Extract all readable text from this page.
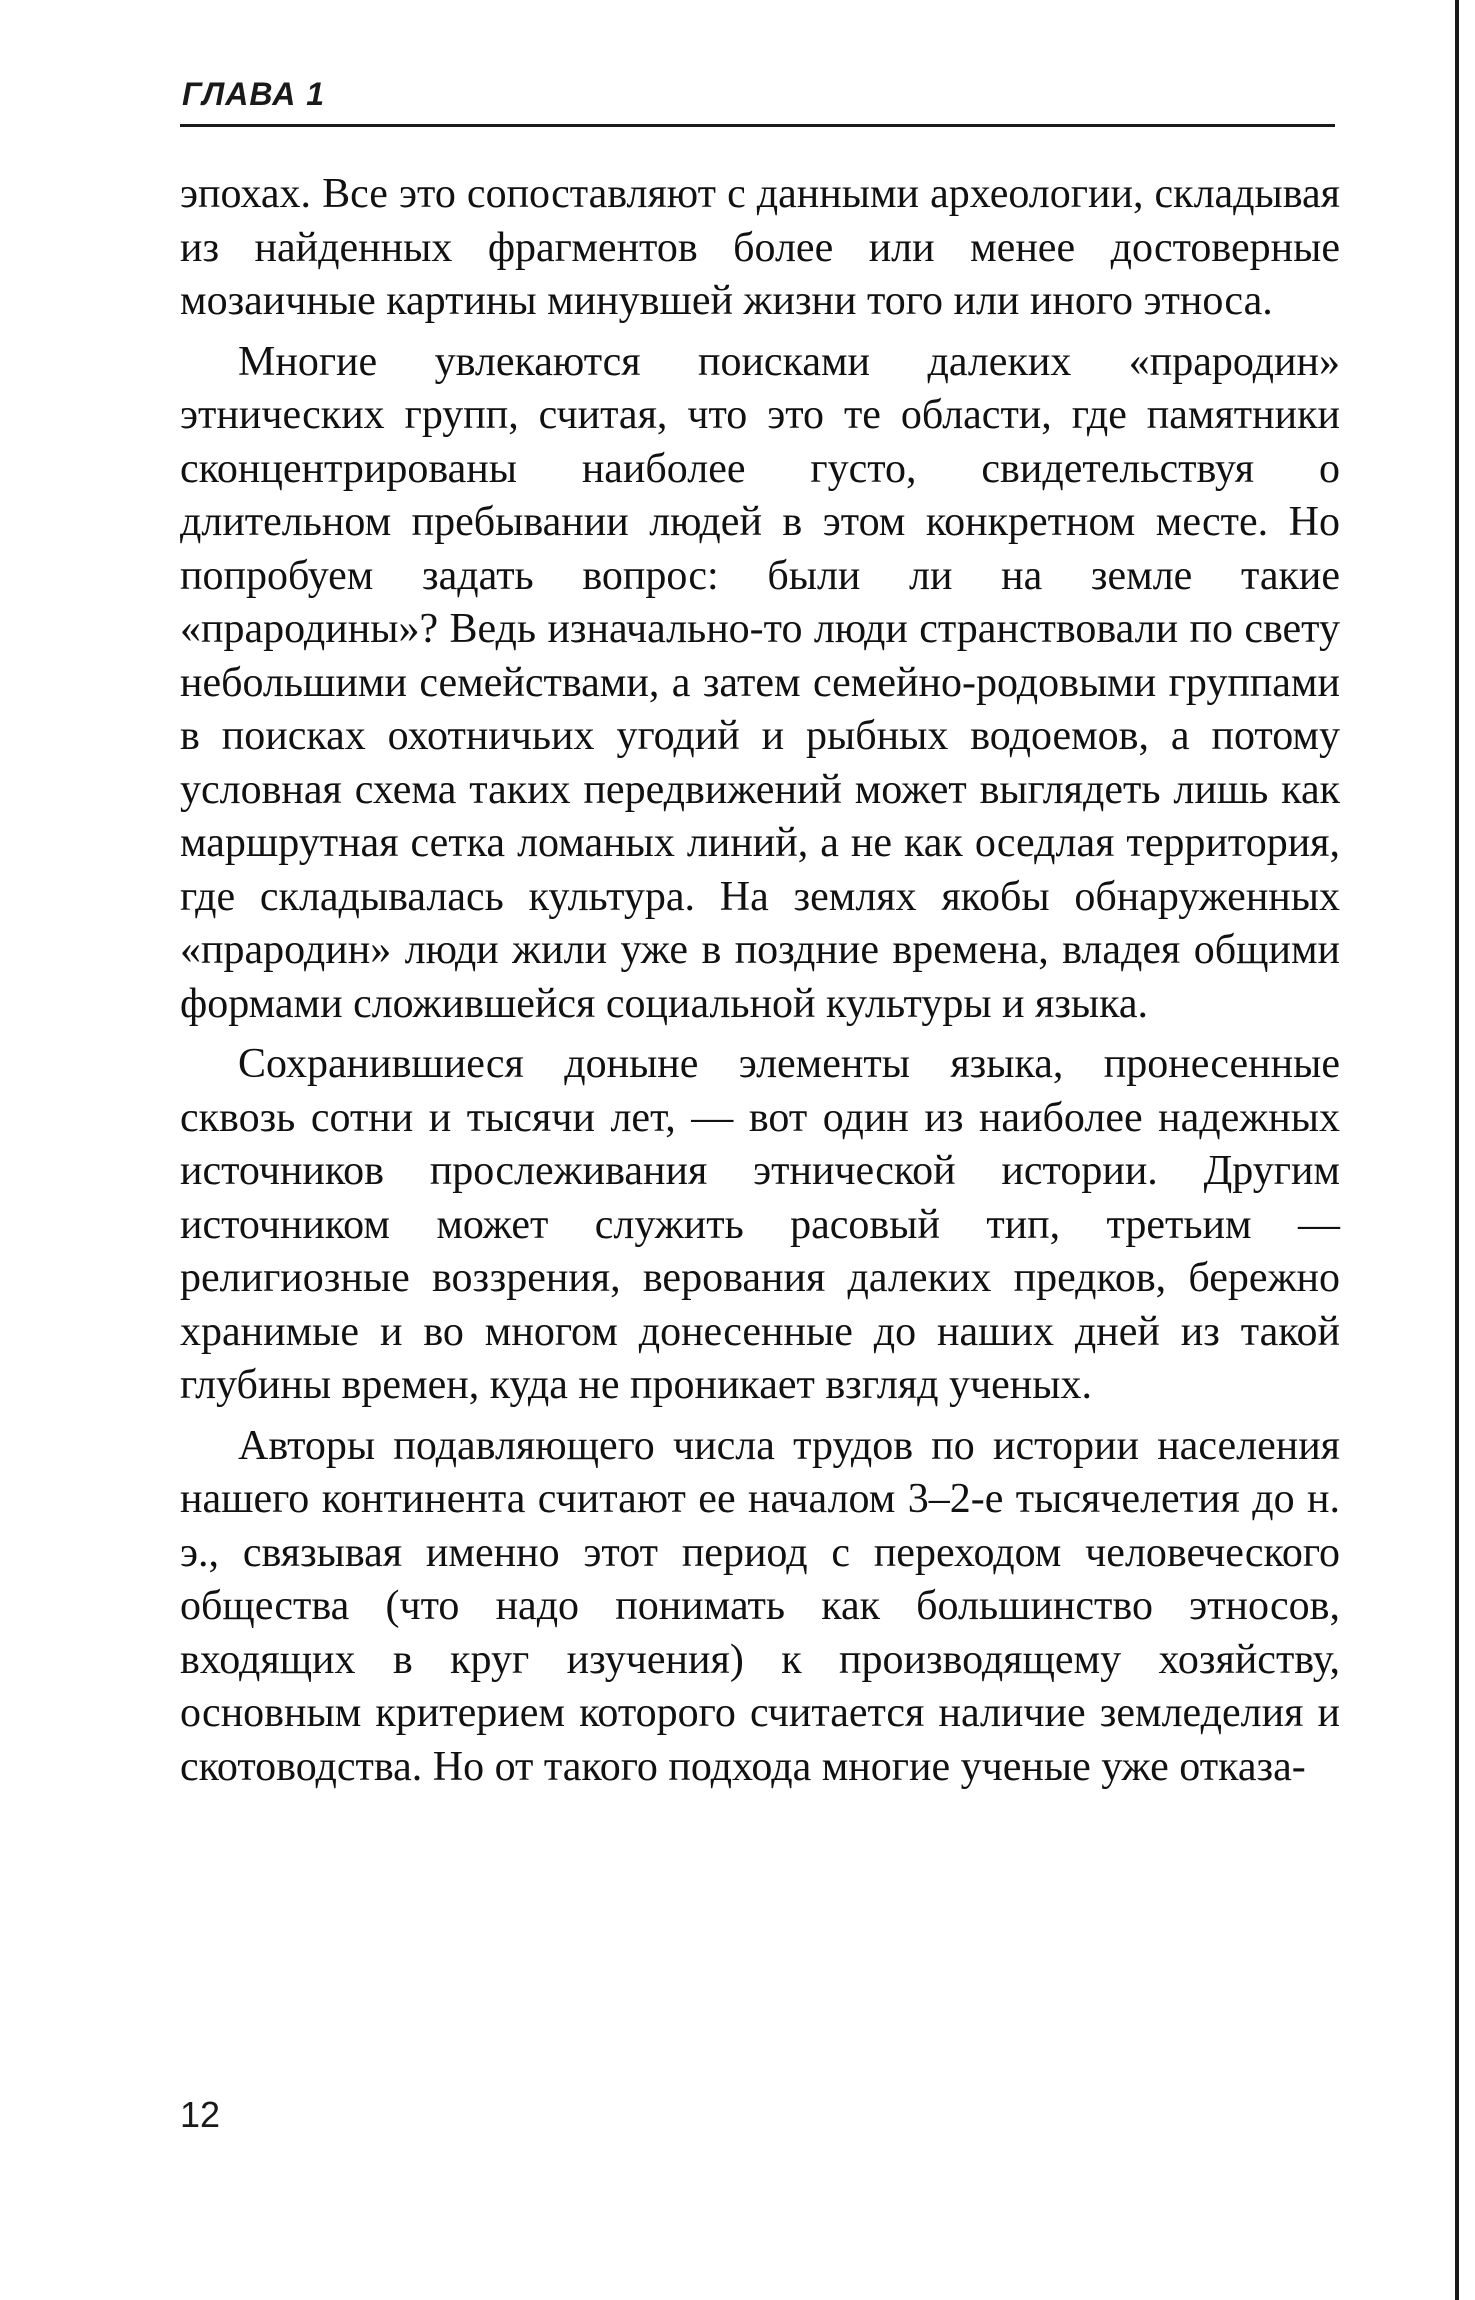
ГЛАВА 1

эпохах. Все это сопоставляют с данными археологии, складывая из найденных фрагментов более или менее достоверные мозаичные картины минувшей жизни того или иного этноса.

Многие увлекаются поисками далеких «прародин» этнических групп, считая, что это те области, где памятники сконцентрированы наиболее густо, свидетельствуя о длительном пребывании людей в этом конкретном месте. Но попробуем задать вопрос: были ли на земле такие «прародины»? Ведь изначально-то люди странствовали по свету небольшими семействами, а затем семейно-родовыми группами в поисках охотничьих угодий и рыбных водоемов, а потому условная схема таких передвижений может выглядеть лишь как маршрутная сетка ломаных линий, а не как оседлая территория, где складывалась культура. На землях якобы обнаруженных «прародин» люди жили уже в поздние времена, владея общими формами сложившейся социальной культуры и языка.

Сохранившиеся доныне элементы языка, пронесенные сквозь сотни и тысячи лет, — вот один из наиболее надежных источников прослеживания этнической истории. Другим источником может служить расовый тип, третьим — религиозные воззрения, верования далеких предков, бережно хранимые и во многом донесенные до наших дней из такой глубины времен, куда не проникает взгляд ученых.

Авторы подавляющего числа трудов по истории населения нашего континента считают ее началом 3–2-е тысячелетия до н. э., связывая именно этот период с переходом человеческого общества (что надо понимать как большинство этносов, входящих в круг изучения) к производящему хозяйству, основным критерием которого считается наличие земледелия и скотоводства. Но от такого подхода многие ученые уже отказа-

12
